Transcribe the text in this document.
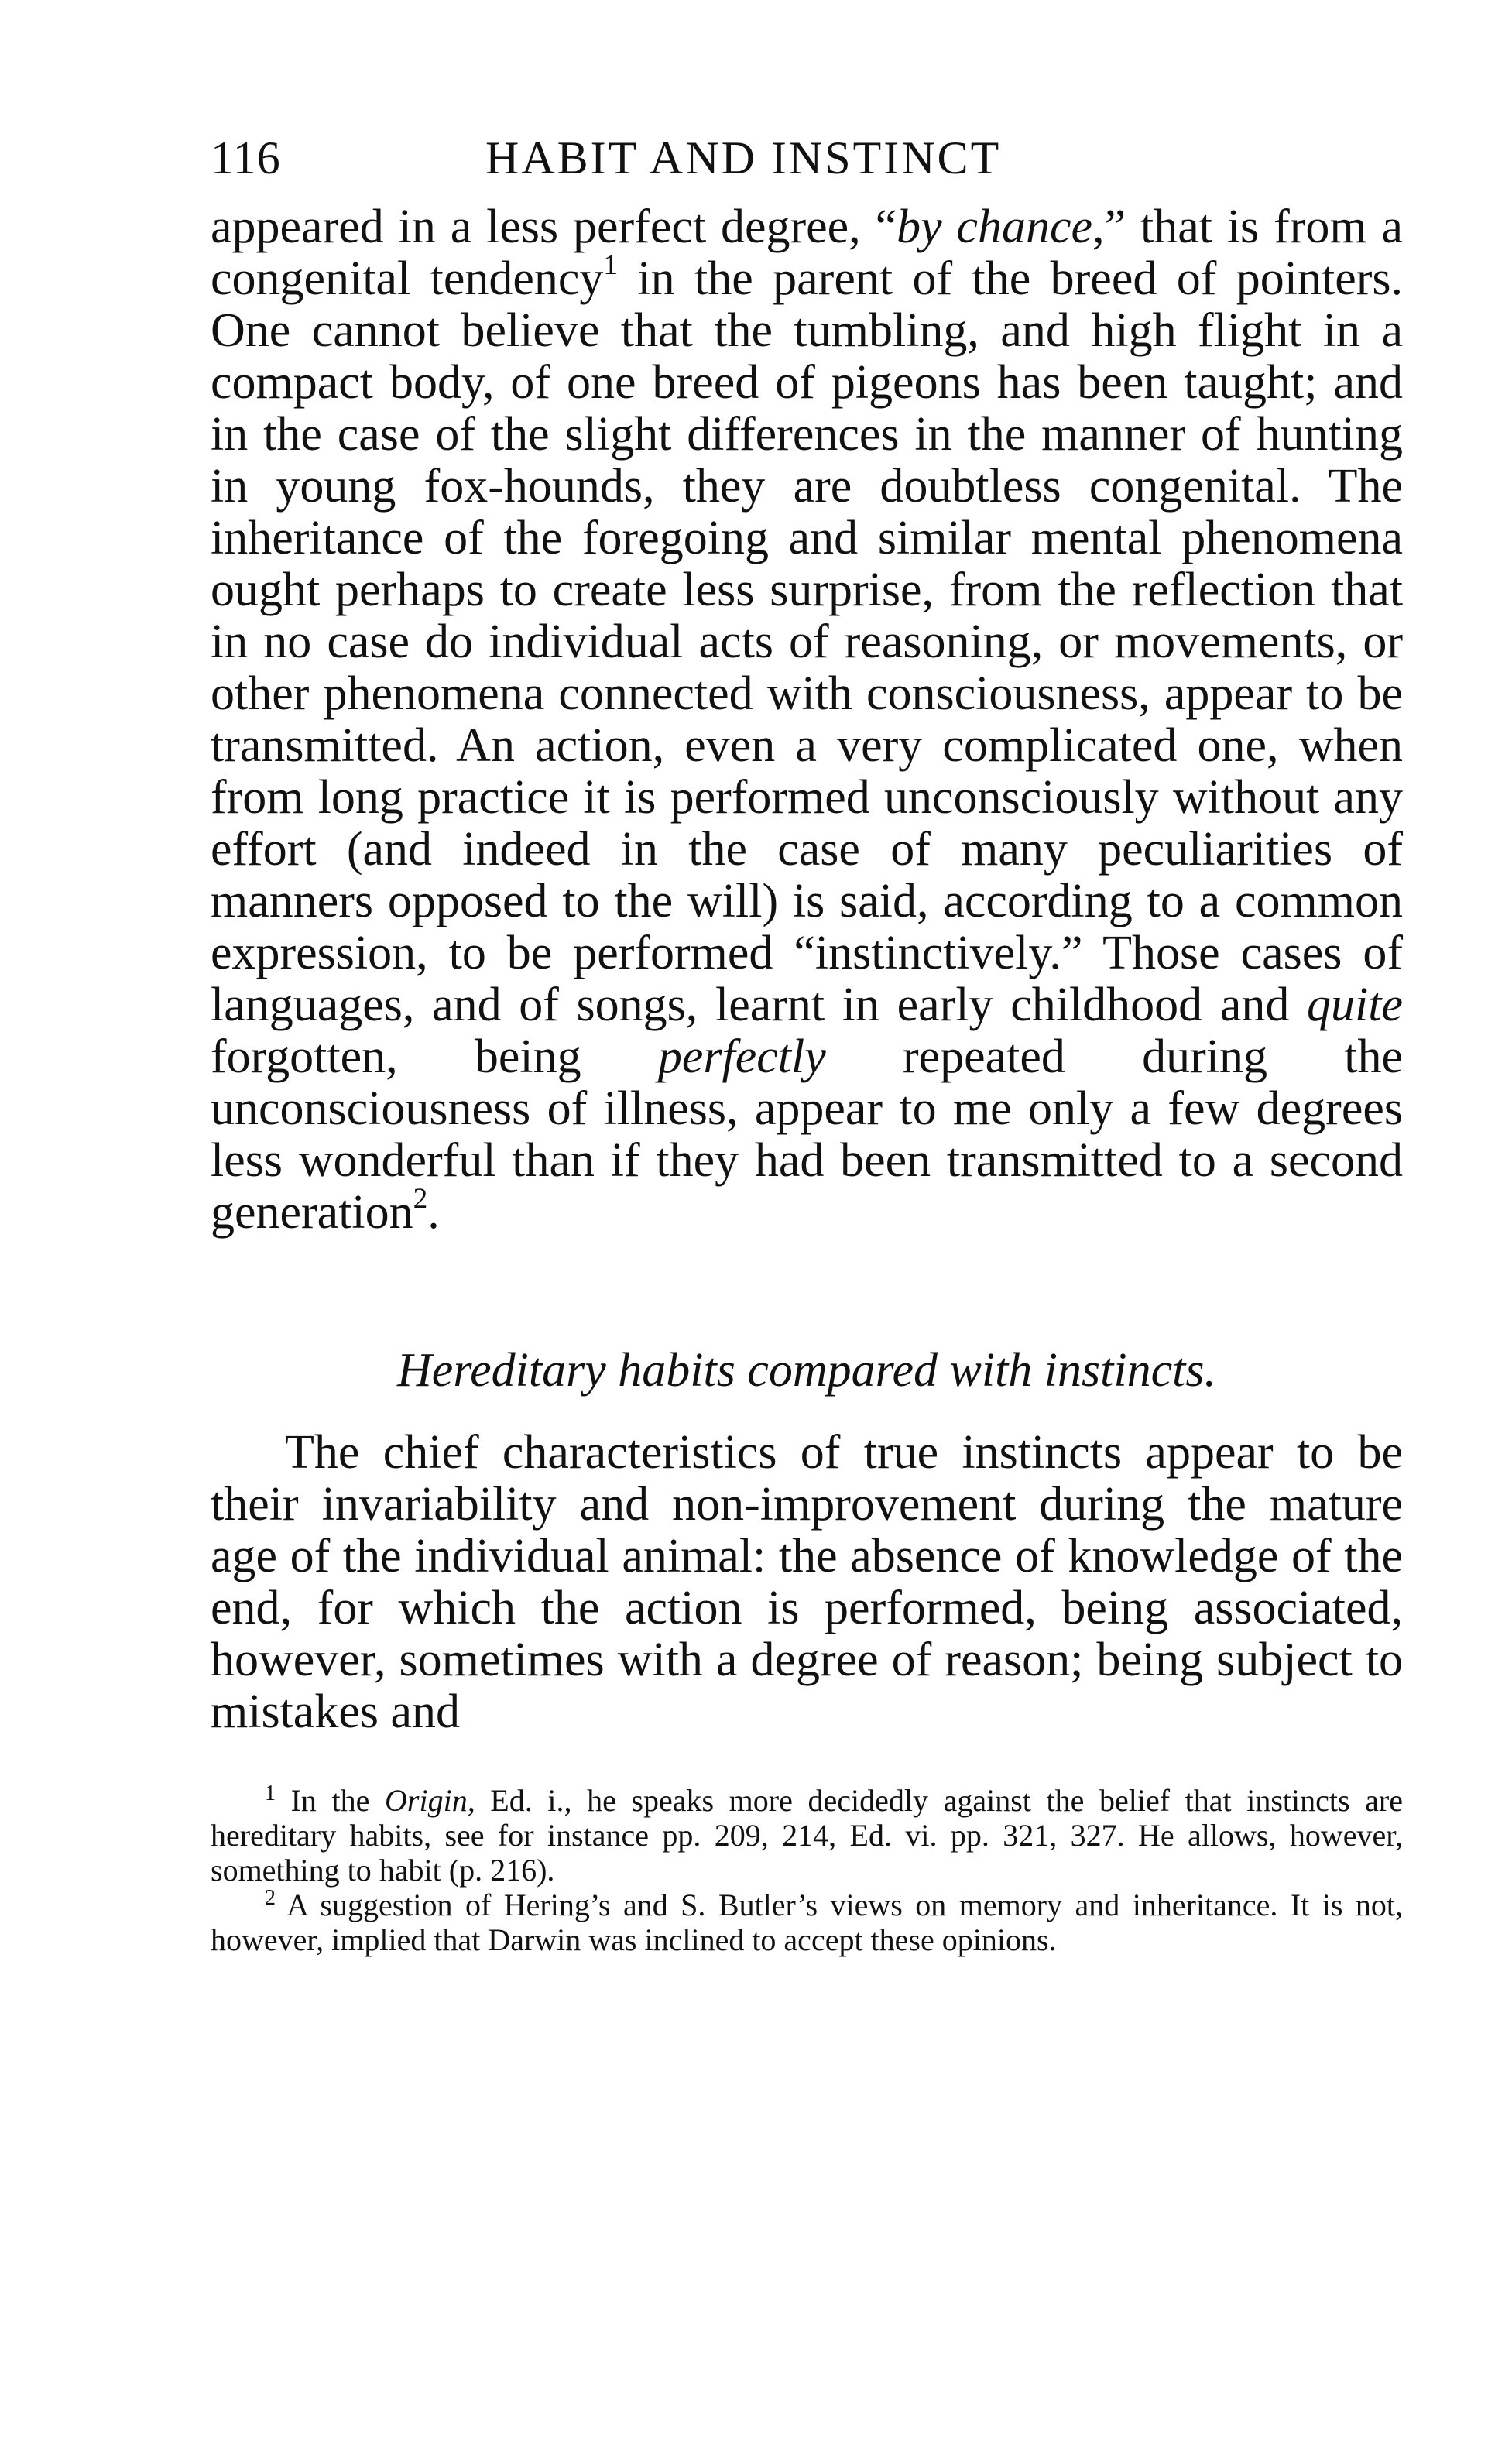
116	HABIT AND INSTINCT

appeared in a less perfect degree, “by chance,” that is from a congenital tendency$^1$ in the parent of the breed of pointers. One cannot believe that the tumbling, and high flight in a compact body, of one breed of pigeons has been taught; and in the case of the slight differences in the manner of hunting in young fox-hounds, they are doubtless congenital. The inheritance of the foregoing and similar mental phenomena ought perhaps to create less surprise, from the reflection that in no case do individual acts of reasoning, or movements, or other phenomena connected with consciousness, appear to be transmitted. An action, even a very complicated one, when from long practice it is performed unconsciously without any effort (and indeed in the case of many peculiarities of manners opposed to the will) is said, according to a common expression, to be performed “instinctively.” Those cases of languages, and of songs, learnt in early childhood and quite forgotten, being perfectly repeated during the unconsciousness of illness, appear to me only a few degrees less wonderful than if they had been transmitted to a second generation$^2$.

Hereditary habits compared with instincts.

The chief characteristics of true instincts appear to be their invariability and non-improvement during the mature age of the individual animal: the absence of knowledge of the end, for which the action is performed, being associated, however, sometimes with a degree of reason; being subject to mistakes and

$^1$ In the Origin, Ed. i., he speaks more decidedly against the belief that instincts are hereditary habits, see for instance pp. 209, 214, Ed. vi. pp. 321, 327. He allows, however, something to habit (p. 216).

$^2$ A suggestion of Hering’s and S. Butler’s views on memory and inheritance. It is not, however, implied that Darwin was inclined to accept these opinions.
